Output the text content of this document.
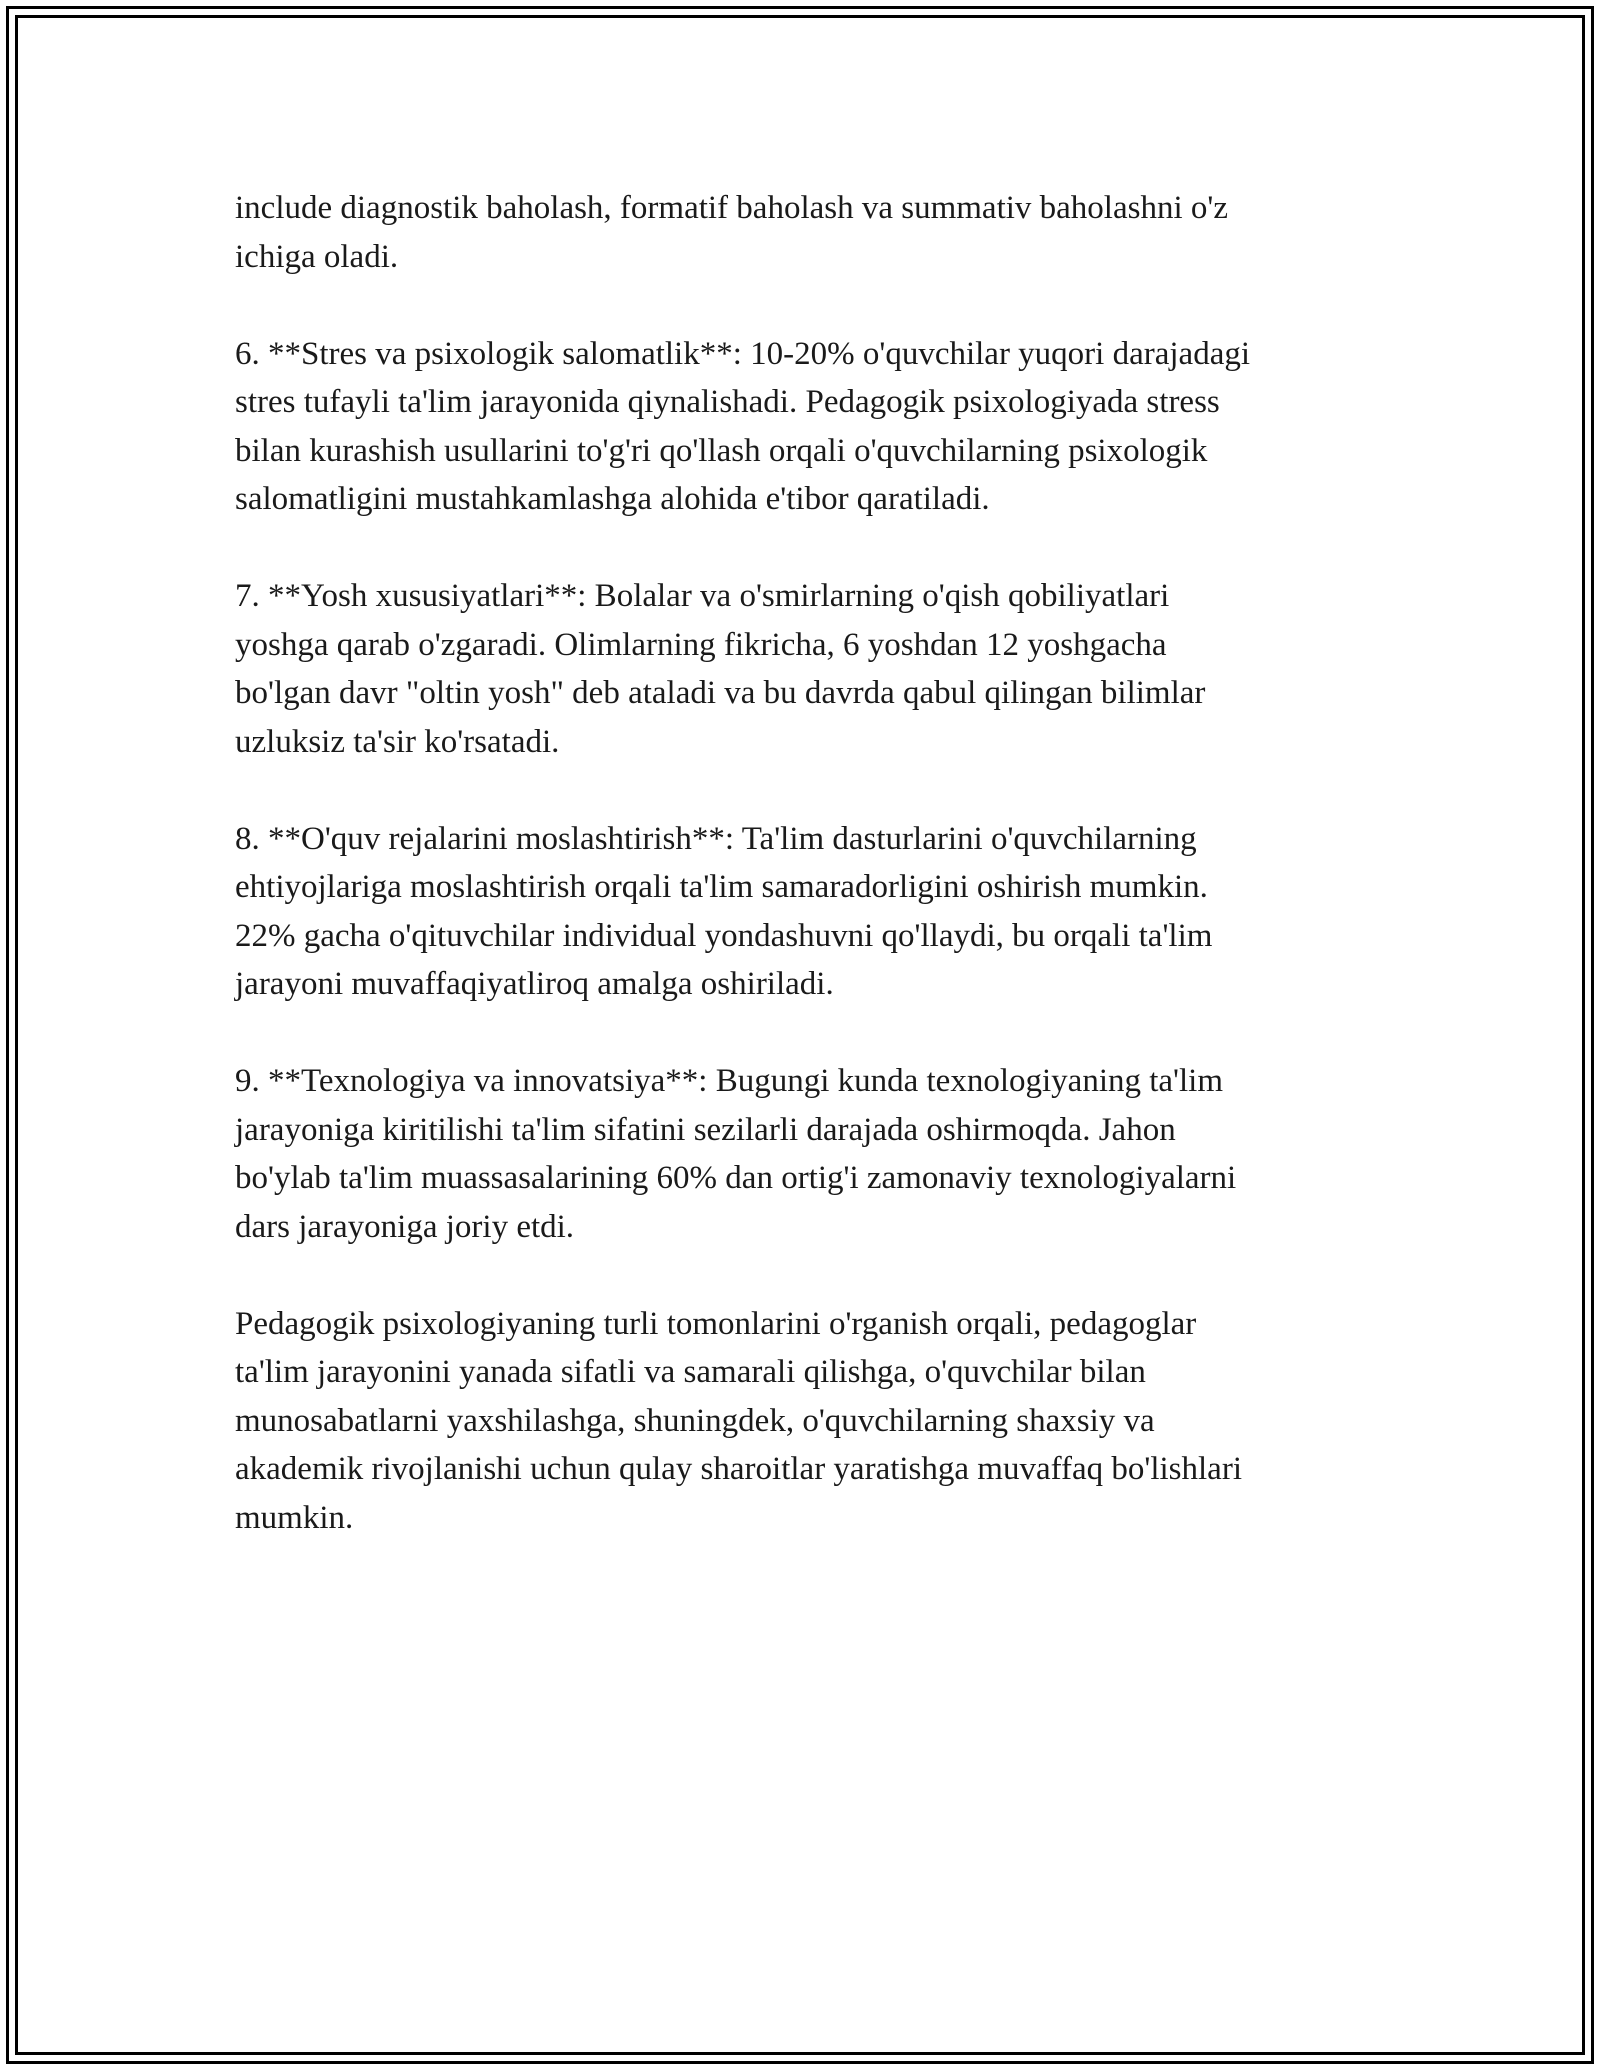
include diagnostik baholash, formatif baholash va summativ baholashni o'z
ichiga oladi.

6. **Stres va psixologik salomatlik**: 10-20% o'quvchilar yuqori darajadagi
stres tufayli ta'lim jarayonida qiynalishadi. Pedagogik psixologiyada stress
bilan kurashish usullarini to'g'ri qo'llash orqali o'quvchilarning psixologik
salomatligini mustahkamlashga alohida e'tibor qaratiladi.

7. **Yosh xususiyatlari**: Bolalar va o'smirlarning o'qish qobiliyatlari
yoshga qarab o'zgaradi. Olimlarning fikricha, 6 yoshdan 12 yoshgacha
bo'lgan davr "oltin yosh" deb ataladi va bu davrda qabul qilingan bilimlar
uzluksiz ta'sir ko'rsatadi.

8. **O'quv rejalarini moslashtirish**: Ta'lim dasturlarini o'quvchilarning
ehtiyojlariga moslashtirish orqali ta'lim samaradorligini oshirish mumkin.
22% gacha o'qituvchilar individual yondashuvni qo'llaydi, bu orqali ta'lim
jarayoni muvaffaqiyatliroq amalga oshiriladi.

9. **Texnologiya va innovatsiya**: Bugungi kunda texnologiyaning ta'lim
jarayoniga kiritilishi ta'lim sifatini sezilarli darajada oshirmoqda. Jahon
bo'ylab ta'lim muassasalarining 60% dan ortig'i zamonaviy texnologiyalarni
dars jarayoniga joriy etdi.

Pedagogik psixologiyaning turli tomonlarini o'rganish orqali, pedagoglar
ta'lim jarayonini yanada sifatli va samarali qilishga, o'quvchilar bilan
munosabatlarni yaxshilashga, shuningdek, o'quvchilarning shaxsiy va
akademik rivojlanishi uchun qulay sharoitlar yaratishga muvaffaq bo'lishlari
mumkin.
